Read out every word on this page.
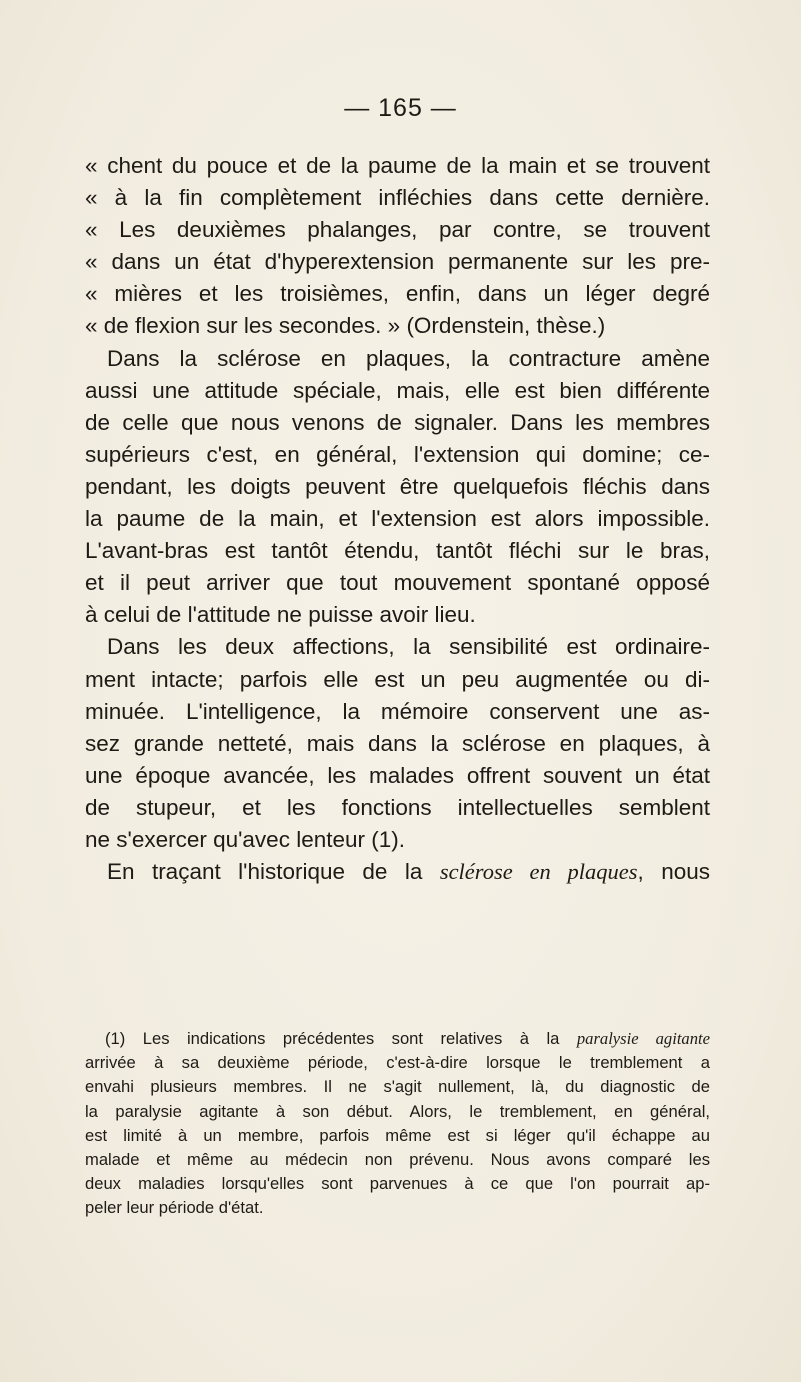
— 165 —
« chent du pouce et de la paume de la main et se trouvent
« à la fin complètement infléchies dans cette dernière.
« Les deuxièmes phalanges, par contre, se trouvent
« dans un état d'hyperextension permanente sur les pre-
« mières et les troisièmes, enfin, dans un léger degré
« de flexion sur les secondes. » (Ordenstein, thèse.)
Dans la sclérose en plaques, la contracture amène
aussi une attitude spéciale, mais, elle est bien différente
de celle que nous venons de signaler. Dans les membres
supérieurs c'est, en général, l'extension qui domine; ce-
pendant, les doigts peuvent être quelquefois fléchis dans
la paume de la main, et l'extension est alors impossible.
L'avant-bras est tantôt étendu, tantôt fléchi sur le bras,
et il peut arriver que tout mouvement spontané opposé
à celui de l'attitude ne puisse avoir lieu.
Dans les deux affections, la sensibilité est ordinaire-
ment intacte; parfois elle est un peu augmentée ou di-
minuée. L'intelligence, la mémoire conservent une as-
sez grande netteté, mais dans la sclérose en plaques, à
une époque avancée, les malades offrent souvent un état
de stupeur, et les fonctions intellectuelles semblent
ne s'exercer qu'avec lenteur (1).
En traçant l'historique de la sclérose en plaques, nous
(1) Les indications précédentes sont relatives à la paralysie agitante
arrivée à sa deuxième période, c'est-à-dire lorsque le tremblement a
envahi plusieurs membres. Il ne s'agit nullement, là, du diagnostic de
la paralysie agitante à son début. Alors, le tremblement, en général,
est limité à un membre, parfois même est si léger qu'il échappe au
malade et même au médecin non prévenu. Nous avons comparé les
deux maladies lorsqu'elles sont parvenues à ce que l'on pourrait ap-
peler leur période d'état.
